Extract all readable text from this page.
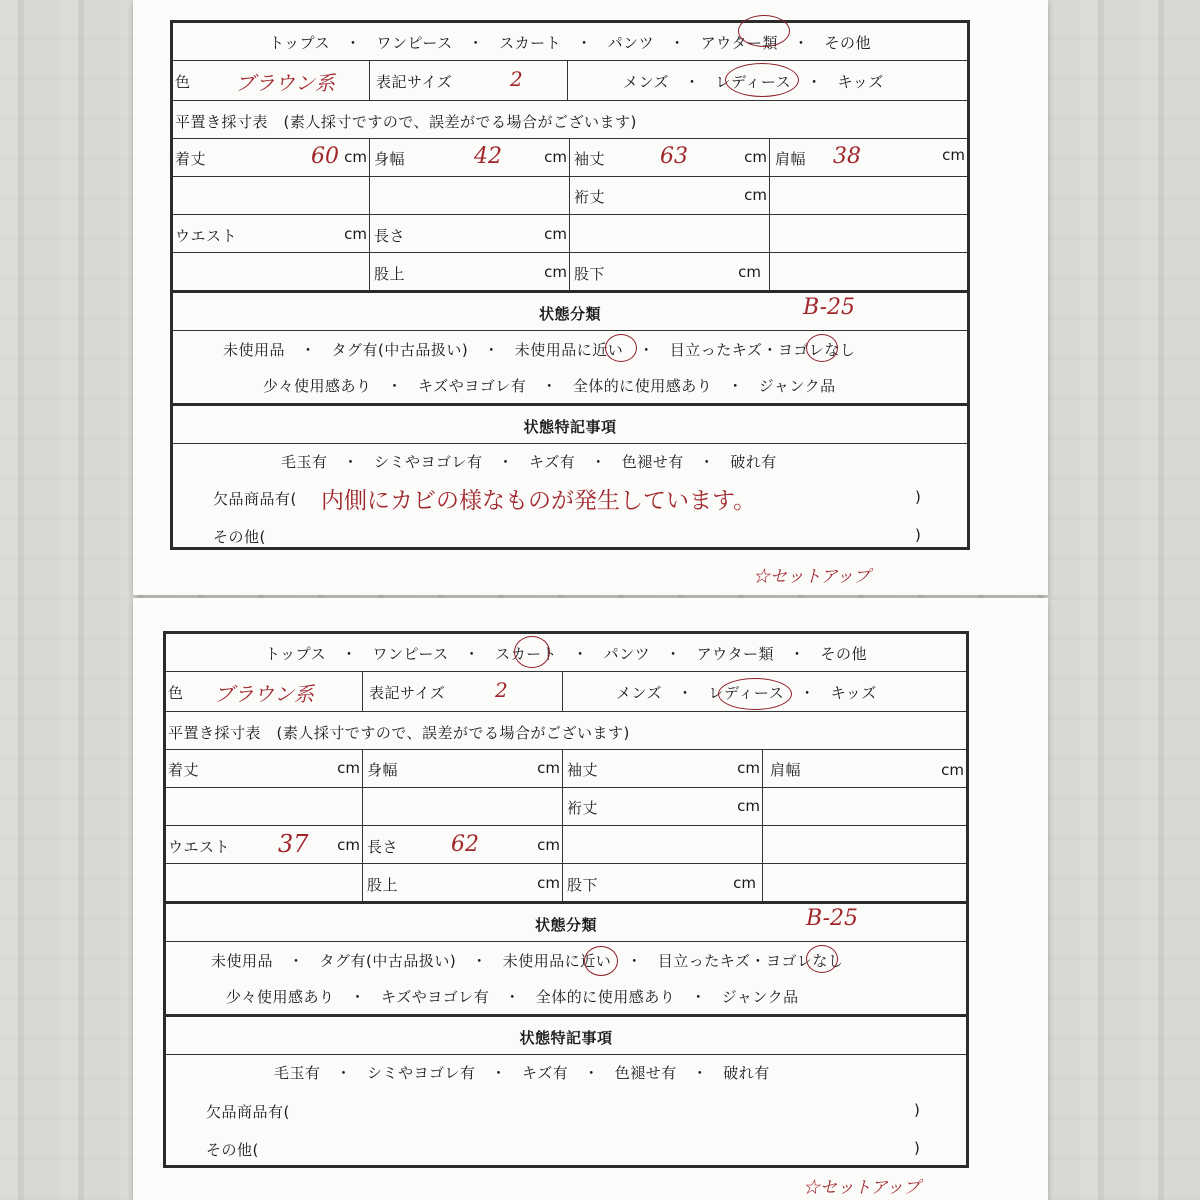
トップス　・　ワンピース　・　スカート　・　パンツ　・　アウター類　・　その他
色 ブラウン系	表記サイズ	2	メンズ　・　レディース　・　キッズ
平置き採寸表　(素人採寸ですので、誤差がでる場合がございます)
着丈	60 cm 身幅	42	cm 袖丈 63	cm 肩幅 38	cm
裄丈	cm
ウエスト	cm 長さ	cm
股上	cm 股下	cm
状態分類	B-25
未使用品　・　タグ有(中古品扱い)　・　未使用品に近い　・　目立ったキズ・ヨゴレなし
少々使用感あり　・　キズやヨゴレ有　・　全体的に使用感あり　・　ジャンク品
状態特記事項
毛玉有　・　シミやヨゴレ有　・　キズ有　・　色褪せ有　・　破れ有
欠品商品有( 内側にカビの様なものが発生しています。	)
その他(	)
☆セットアップ
トップス　・　ワンピース　・　スカート　・　パンツ　・　アウター類　・　その他
色 ブラウン系	表記サイズ 2	メンズ　・　レディース　・　キッズ
平置き採寸表　(素人採寸ですので、誤差がでる場合がございます)
着丈	cm 身幅	cm 袖丈	cm 肩幅	cm
裄丈	cm
ウエスト 37 cm 長さ 62	cm
股上	cm 股下	cm
状態分類	B-25
未使用品　・　タグ有(中古品扱い)　・　未使用品に近い　・　目立ったキズ・ヨゴレなし
少々使用感あり　・　キズやヨゴレ有　・　全体的に使用感あり　・　ジャンク品
状態特記事項
毛玉有　・　シミやヨゴレ有　・　キズ有　・　色褪せ有　・　破れ有
欠品商品有(	)
その他(	)
☆セットアップ
